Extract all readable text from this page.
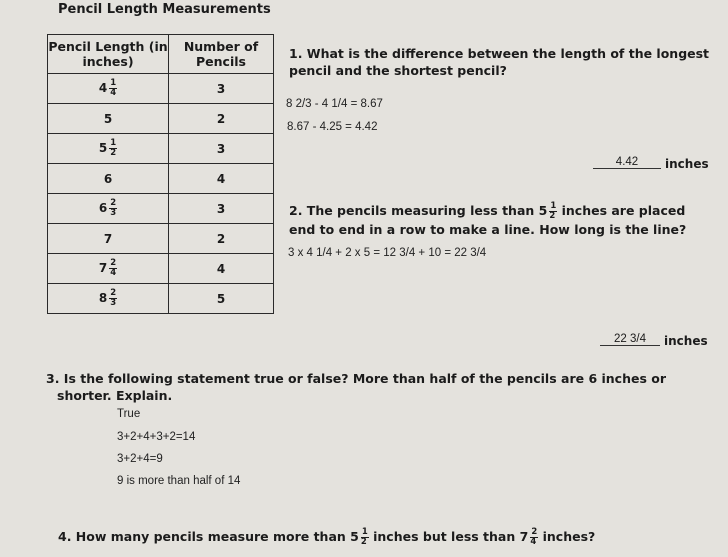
Pencil Length Measurements
Pencil Length (in inches)	Number of Pencils
$4 \frac{1}{4}$	3
5	2
$5 \frac{1}{2}$	3
6	4
$6 \frac{2}{3}$	3
7	2
$7 \frac{2}{4}$	4
$8 \frac{2}{3}$	5
1. What is the difference between the length of the longest
pencil and the shortest pencil?
8 2/3 - 4 1/4 = 8.67
8.67 - 4.25 = 4.42
4.42	inches
2. The pencils measuring less than $5 \frac{1}{2}$ inches are placed
end to end in a row to make a line. How long is the line?
3 x 4 1/4 + 2 x 5 = 12 3/4 + 10 = 22 3/4
22 3/4	inches
3. Is the following statement true or false? More than half of the pencils are 6 inches or
shorter. Explain.
True
3+2+4+3+2=14
3+2+4=9
9 is more than half of 14
4. How many pencils measure more than $5 \frac{1}{2}$ inches but less than $7 \frac{2}{4}$ inches?
